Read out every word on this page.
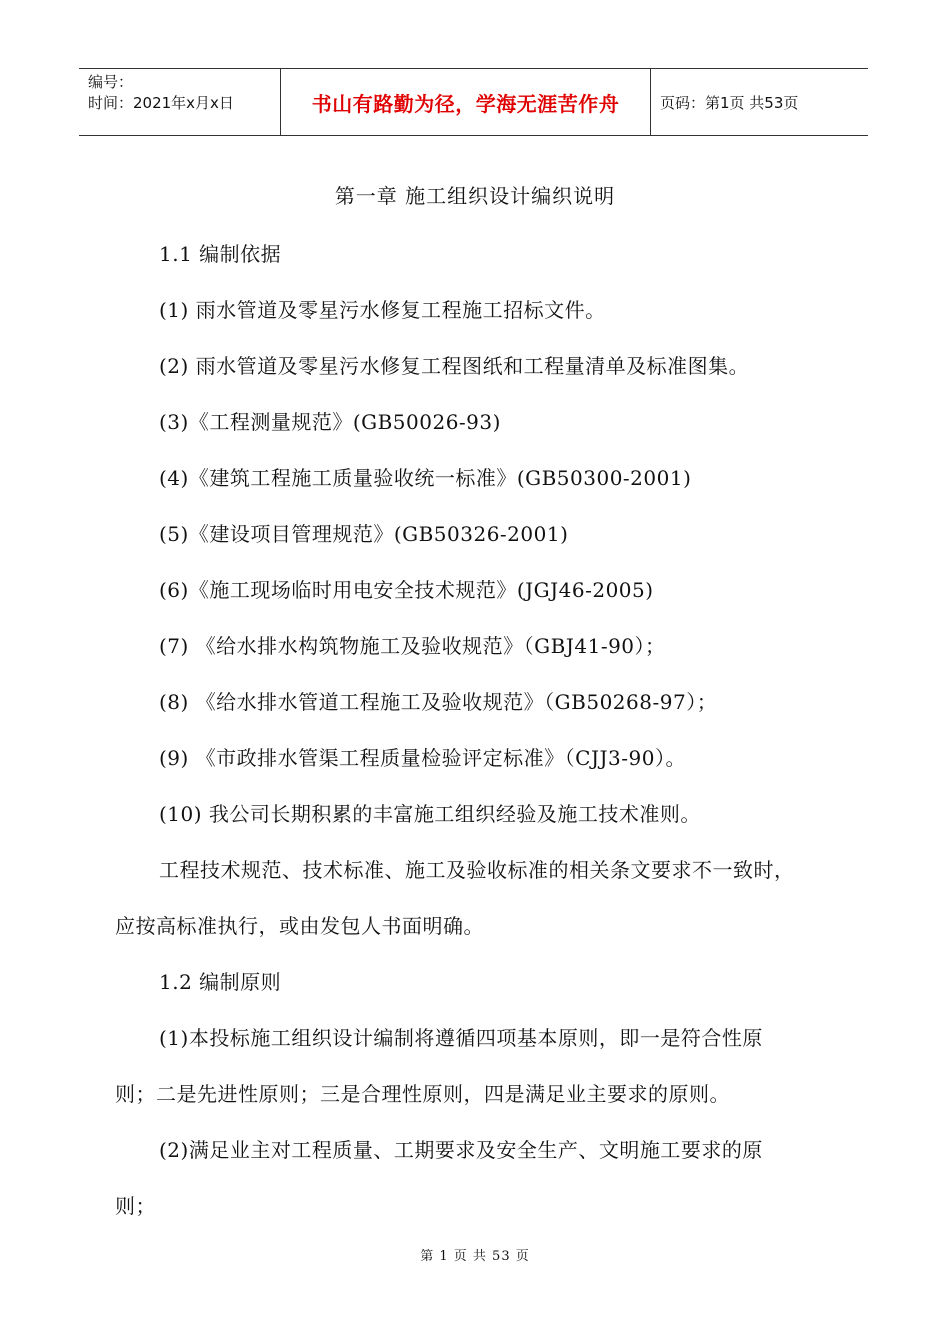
编号：
时间：2021年x月x日	书山有路勤为径，学海无涯苦作舟	页码：第1页 共53页
第一章 施工组织设计编织说明
1.1 编制依据
(1) 雨水管道及零星污水修复工程施工招标文件。
(2) 雨水管道及零星污水修复工程图纸和工程量清单及标准图集。
(3)《工程测量规范》(GB50026-93)
(4)《建筑工程施工质量验收统一标准》(GB50300-2001)
(5)《建设项目管理规范》(GB50326-2001)
(6)《施工现场临时用电安全技术规范》(JGJ46-2005)
(7) 《给水排水构筑物施工及验收规范》（GBJ41-90）；
(8) 《给水排水管道工程施工及验收规范》（GB50268-97）；
(9) 《市政排水管渠工程质量检验评定标准》（CJJ3-90）。
(10) 我公司长期积累的丰富施工组织经验及施工技术准则。
工程技术规范、技术标准、施工及验收标准的相关条文要求不一致时，
应按高标准执行，或由发包人书面明确。
1.2 编制原则
(1)本投标施工组织设计编制将遵循四项基本原则，即一是符合性原
则；二是先进性原则；三是合理性原则，四是满足业主要求的原则。
(2)满足业主对工程质量、工期要求及安全生产、文明施工要求的原
则；
第 1 页 共 53 页
